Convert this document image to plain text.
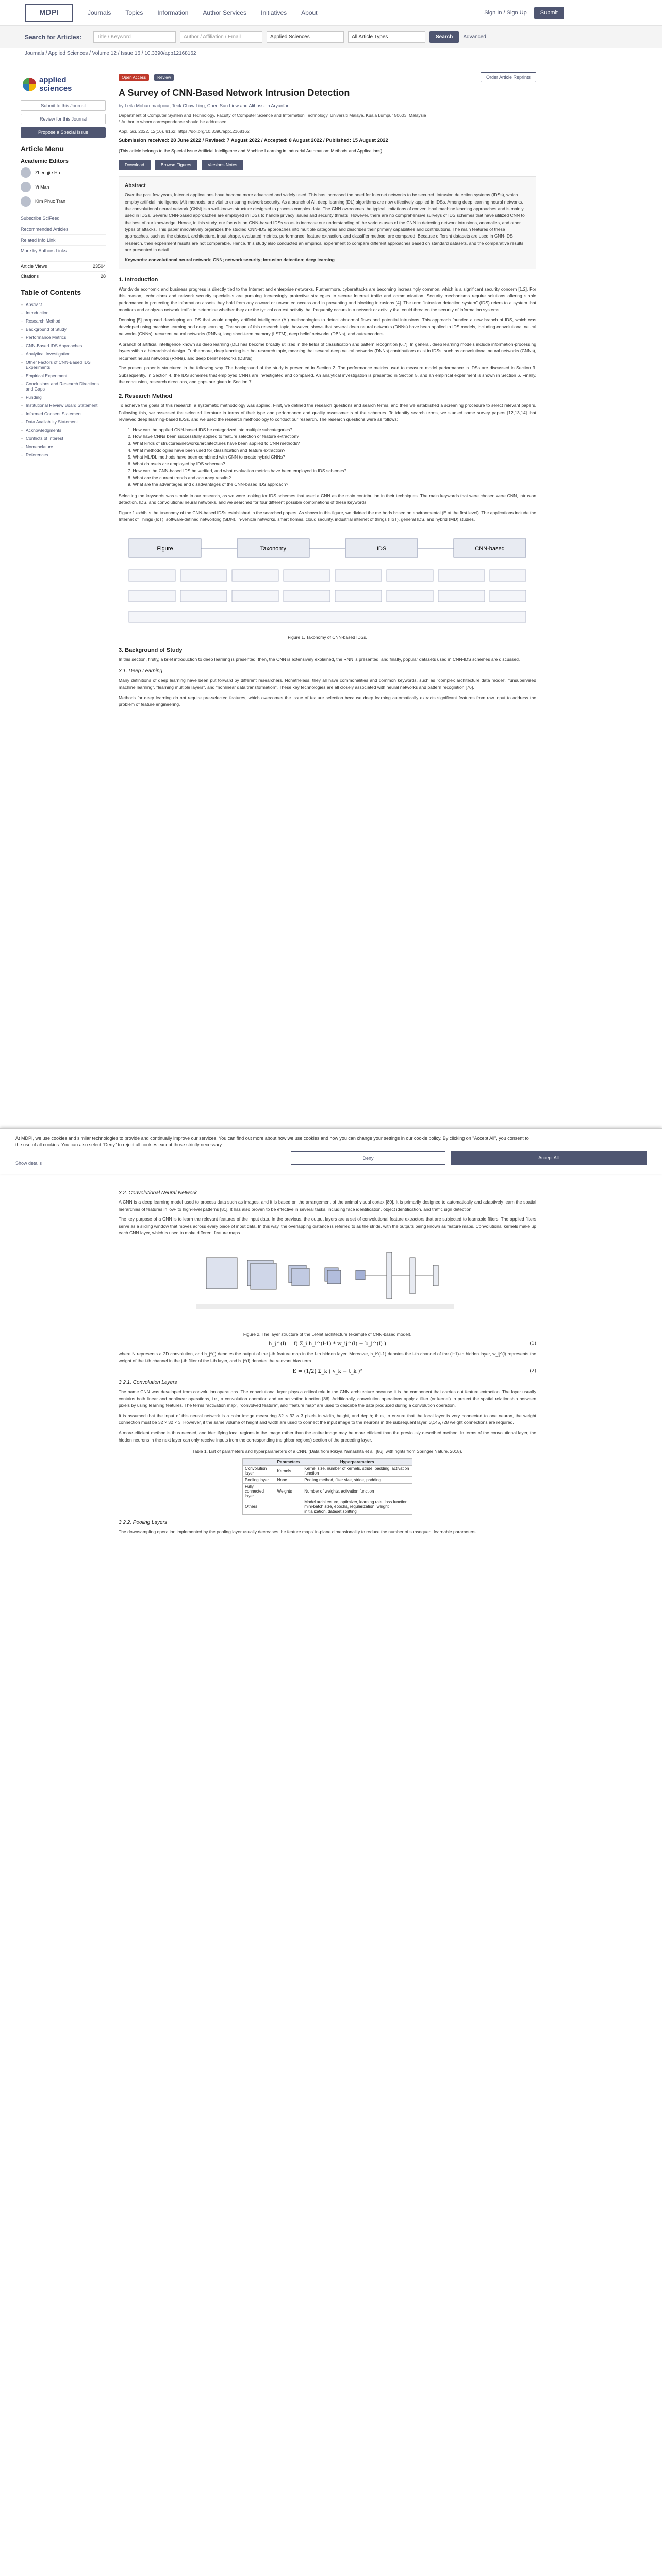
MDPI	Journals Topics Information Author Services Initiatives About	Sign In / Sign Up	Submit
Search for Articles:	Title / Keyword	Author / Affiliation / Email	Applied Sciences	All Article Types	Search	Advanced
Journals / Applied Sciences / Volume 12 / Issue 16 / 10.3390/app12168162
applied
sciences
Submit to this Journal
Review for this Journal
Propose a Special Issue
Article Menu
Academic Editors
Zhengjie Hu
Yi Man
Kim Phuc Tran
Subscribe SciFeed
Recommended Articles
Related Info Link
More by Authors Links
Article Views	23504
Citations	28
Table of Contents
– Abstract
– Introduction
– Research Method
– Background of Study
– Performance Metrics
– CNN-Based IDS Approaches
– Analytical Investigation
– Other Factors of CNN-Based IDS Experiments
– Empirical Experiment
– Conclusions and Research Directions and Gaps
– Funding
– Institutional Review Board Statement
– Informed Consent Statement
– Data Availability Statement
– Acknowledgments
– Conflicts of Interest
– Nomenclature
– References
Open Access	Review	Order Article Reprints
A Survey of CNN-Based Network Intrusion Detection
by Leila Mohammadpour, Teck Chaw Ling, Chee Sun Liew and Alihossein Aryanfar
Department of Computer System and Technology, Faculty of Computer Science and Information Technology, Universiti Malaya, Kuala Lumpur 50603, Malaysia
* Author to whom correspondence should be addressed.
Appl. Sci. 2022, 12(16), 8162; https://doi.org/10.3390/app12168162
Submission received: 28 June 2022 / Revised: 7 August 2022 / Accepted: 8 August 2022 / Published: 15 August 2022
(This article belongs to the Special Issue Artificial Intelligence and Machine Learning in Industrial Automation: Methods and Applications)
Download	Browse Figures	Versions Notes
Abstract
Over the past few years, Internet applications have become more advanced and widely used. This has increased the need for Internet networks to be secured. Intrusion detection systems (IDSs), which employ artificial intelligence (AI) methods, are vital to ensuring network security. As a branch of AI, deep learning (DL) algorithms are now effectively applied in IDSs. Among deep learning neural networks, the convolutional neural network (CNN) is a well-known structure designed to process complex data. The CNN overcomes the typical limitations of conventional machine learning approaches and is mainly used in IDSs. Several CNN-based approaches are employed in IDSs to handle privacy issues and security threats. However, there are no comprehensive surveys of IDS schemes that have utilized CNN to the best of our knowledge. Hence, in this study, our focus is on CNN-based IDSs so as to increase our understanding of the various uses of the CNN in detecting network intrusions, anomalies, and other types of attacks. This paper innovatively organizes the studied CNN-IDS approaches into multiple categories and describes their primary capabilities and contributions. The main features of these approaches, such as the dataset, architecture, input shape, evaluated metrics, performance, feature extraction, and classifier method, are compared. Because different datasets are used in CNN-IDS research, their experiment results are not comparable. Hence, this study also conducted an empirical experiment to compare different approaches based on standard datasets, and the comparative results are presented in detail.
Keywords: convolutional neural network; CNN; network security; intrusion detection; deep learning
1. Introduction

Worldwide economic and business progress is directly tied to the Internet and enterprise networks. Furthermore, cyberattacks are becoming increasingly common, which is a significant security concern [1,2]. For this reason, technicians and network security specialists are pursuing increasingly protective strategies to secure Internet traffic and communication. Security mechanisms require solutions offering stable performance in protecting the information assets they hold from any coward or unwanted access and in preventing and blocking intrusions [4]. The term "intrusion detection system" (IDS) refers to a system that monitors and analyzes network traffic to determine whether they are the typical context activity that frequently occurs in a network or activity that could threaten the security of information systems.

Denning [5] proposed developing an IDS that would employ artificial intelligence (AI) methodologies to detect abnormal flows and potential intrusions. This approach founded a new branch of IDS, which was developed using machine learning and deep learning. The scope of this research topic, however, shows that several deep neural networks (DNNs) have been applied to IDS models, including convolutional neural networks (CNNs), recurrent neural networks (RNNs), long short-term memory (LSTM), deep belief networks (DBNs), and autoencoders.

A branch of artificial intelligence known as deep learning (DL) has become broadly utilized in the fields of classification and pattern recognition [6,7]. In general, deep learning models include information-processing layers within a hierarchical design. Furthermore, deep learning is a hot research topic, meaning that several deep neural networks (DNNs) contributions exist in IDSs, such as convolutional neural networks (CNNs), recurrent neural networks (RNNs), and deep belief networks (DBNs).

The present paper is structured in the following way. The background of the study is presented in Section 2. The performance metrics used to measure model performance in IDSs are discussed in Section 3. Subsequently, in Section 4, the IDS schemes that employed CNNs are investigated and compared. An analytical investigation is presented in Section 5, and an empirical experiment is shown in Section 6. Finally, the conclusion, research directions, and gaps are given in Section 7.

2. Research Method

To achieve the goals of this research, a systematic methodology was applied. First, we defined the research questions and search terms, and then we established a screening procedure to select relevant papers. Following this, we assessed the selected literature in terms of their type and performance and quality assessments of the schemes. To identify search terms, we studied some survey papers [12,13,14] that reviewed deep learning-based IDSs, and we used the research methodology to conduct our research. The research questions were as follows:

1. How can the applied CNN-based IDS be categorized into multiple subcategories?
2. How have CNNs been successfully applied to feature selection or feature extraction?
3. What kinds of structures/networks/architectures have been applied to CNN methods?
4. What methodologies have been used for classification and feature extraction?
5. What ML/DL methods have been combined with CNN to create hybrid CNNs?
6. What datasets are employed by IDS schemes?
7. How can the CNN-based IDS be verified, and what evaluation metrics have been employed in IDS schemes?
8. What are the current trends and accuracy results?
9. What are the advantages and disadvantages of the CNN-based IDS approach?

Selecting the keywords was simple in our research, as we were looking for IDS schemes that used a CNN as the main contribution in their techniques. The main keywords that were chosen were CNN, intrusion detection, IDS, and convolutional neural networks, and we searched for four different possible combinations of these keywords.

Figure 1 exhibits the taxonomy of the CNN-based IDSs established in the searched papers. As shown in this figure, we divided the methods based on environmental (E at the first level). The applications include the Internet of Things (IoT), software-defined networking (SDN), in-vehicle networks, smart homes, cloud security, industrial internet of things (IIoT), general IDS, and hybrid (MD) studies.

Figure	Taxonomy	IDS	CNN-based
Figure 1. Taxonomy of CNN-based IDSs.
3. Background of Study

In this section, firstly, a brief introduction to deep learning is presented; then, the CNN is extensively explained, the RNN is presented, and finally, popular datasets used in CNN-IDS schemes are discussed.

3.1. Deep Learning

Many definitions of deep learning have been put forward by different researchers. Nonetheless, they all have commonalities and common keywords, such as "complex architecture data model", "unsupervised machine learning", "learning multiple layers", and "nonlinear data transformation". These key technologies are all closely associated with neural networks and pattern recognition [76].

Methods for deep learning do not require pre-selected features, which overcomes the issue of feature selection because deep learning automatically extracts significant features from raw input to address the problem of feature engineering.

At MDPI, we use cookies and similar technologies to provide and continually improve our services. You can find out more about how we use cookies and how you can change your settings in our cookie policy. By clicking on "Accept All", you consent to the use of all cookies. You can also select "Deny" to reject all cookies except those strictly necessary.
Deny	Accept All
Show details
3.2. Convolutional Neural Network

A CNN is a deep learning model used to process data such as images, and it is based on the arrangement of the animal visual cortex [80]. It is primarily designed to automatically and adaptively learn the spatial hierarchies of features in low- to high-level patterns [81]. It has also proven to be effective in several tasks, including face identification, object identification, and traffic sign detection.

The key purpose of a CNN is to learn the relevant features of the input data. In the previous, the output layers are a set of convolutional feature extractors that are subjected to learnable filters. The applied filters serve as a sliding window that moves across every piece of input data. In this way, the overlapping distance is referred to as the stride, with the outputs being known as feature maps. Convolutional kernels make up each CNN layer, which is used to make different feature maps.

Figure 2. The layer structure of the LeNet architecture (example of CNN-based model).
h_j^(l) = f( Σ_i h_i^(l-1) * w_ij^(l) + b_j^(l) )	(1)

where N represents a 2D convolution, and h_j^(l) denotes the output of the j-th feature map in the l-th hidden layer. Moreover, h_i^(l-1) denotes the i-th channel of the (l−1)-th hidden layer, w_ij^(l) represents the weight of the i-th channel in the j-th filter of the l-th layer, and b_j^(l) denotes the relevant bias term.

E = (1/2) Σ_k ( y_k − t_k )²	(2)
3.2.1. Convolution Layers

The name CNN was developed from convolution operations. The convolutional layer plays a critical role in the CNN architecture because it is the component that carries out feature extraction. The layer usually contains both linear and nonlinear operations, i.e., a convolution operation and an activation function [86]. Additionally, convolution operations apply a filter (or kernel) to protect the spatial relationship between pixels by using learning features. The terms "activation map", "convolved feature", and "feature map" are used to describe the data produced during a convolution operation.

It is assumed that the input of this neural network is a color image measuring 32 × 32 × 3 pixels in width, height, and depth; thus, to ensure that the local layer is very connected to one neuron, the weight connection must be 32 × 32 × 3. However, if the same volume of height and width are used to connect the input image to the neurons in the subsequent layer, 3,145,728 weight connections are required.

A more efficient method is thus needed, and identifying local regions in the image rather than the entire image may be more efficient than the previously described method. In terms of the convolutional layer, the hidden neurons in the next layer can only receive inputs from the corresponding (neighbor regions) section of the preceding layer.

Table 1. List of parameters and hyperparameters of a CNN. (Data from Rikiya Yamashita et al. [86], with rights from Springer Nature, 2018).
	Parameters	Hyperparameters
Convolution layer	Kernels	Kernel size, number of kernels, stride, padding, activation function
Pooling layer	None	Pooling method, filter size, stride, padding
Fully connected layer	Weights	Number of weights, activation function
Others		Model architecture, optimizer, learning rate, loss function, mini-batch size, epochs, regularization, weight initialization, dataset splitting
3.2.2. Pooling Layers

The downsampling operation implemented by the pooling layer usually decreases the feature maps' in-plane dimensionality to reduce the number of subsequent learnable parameters.
